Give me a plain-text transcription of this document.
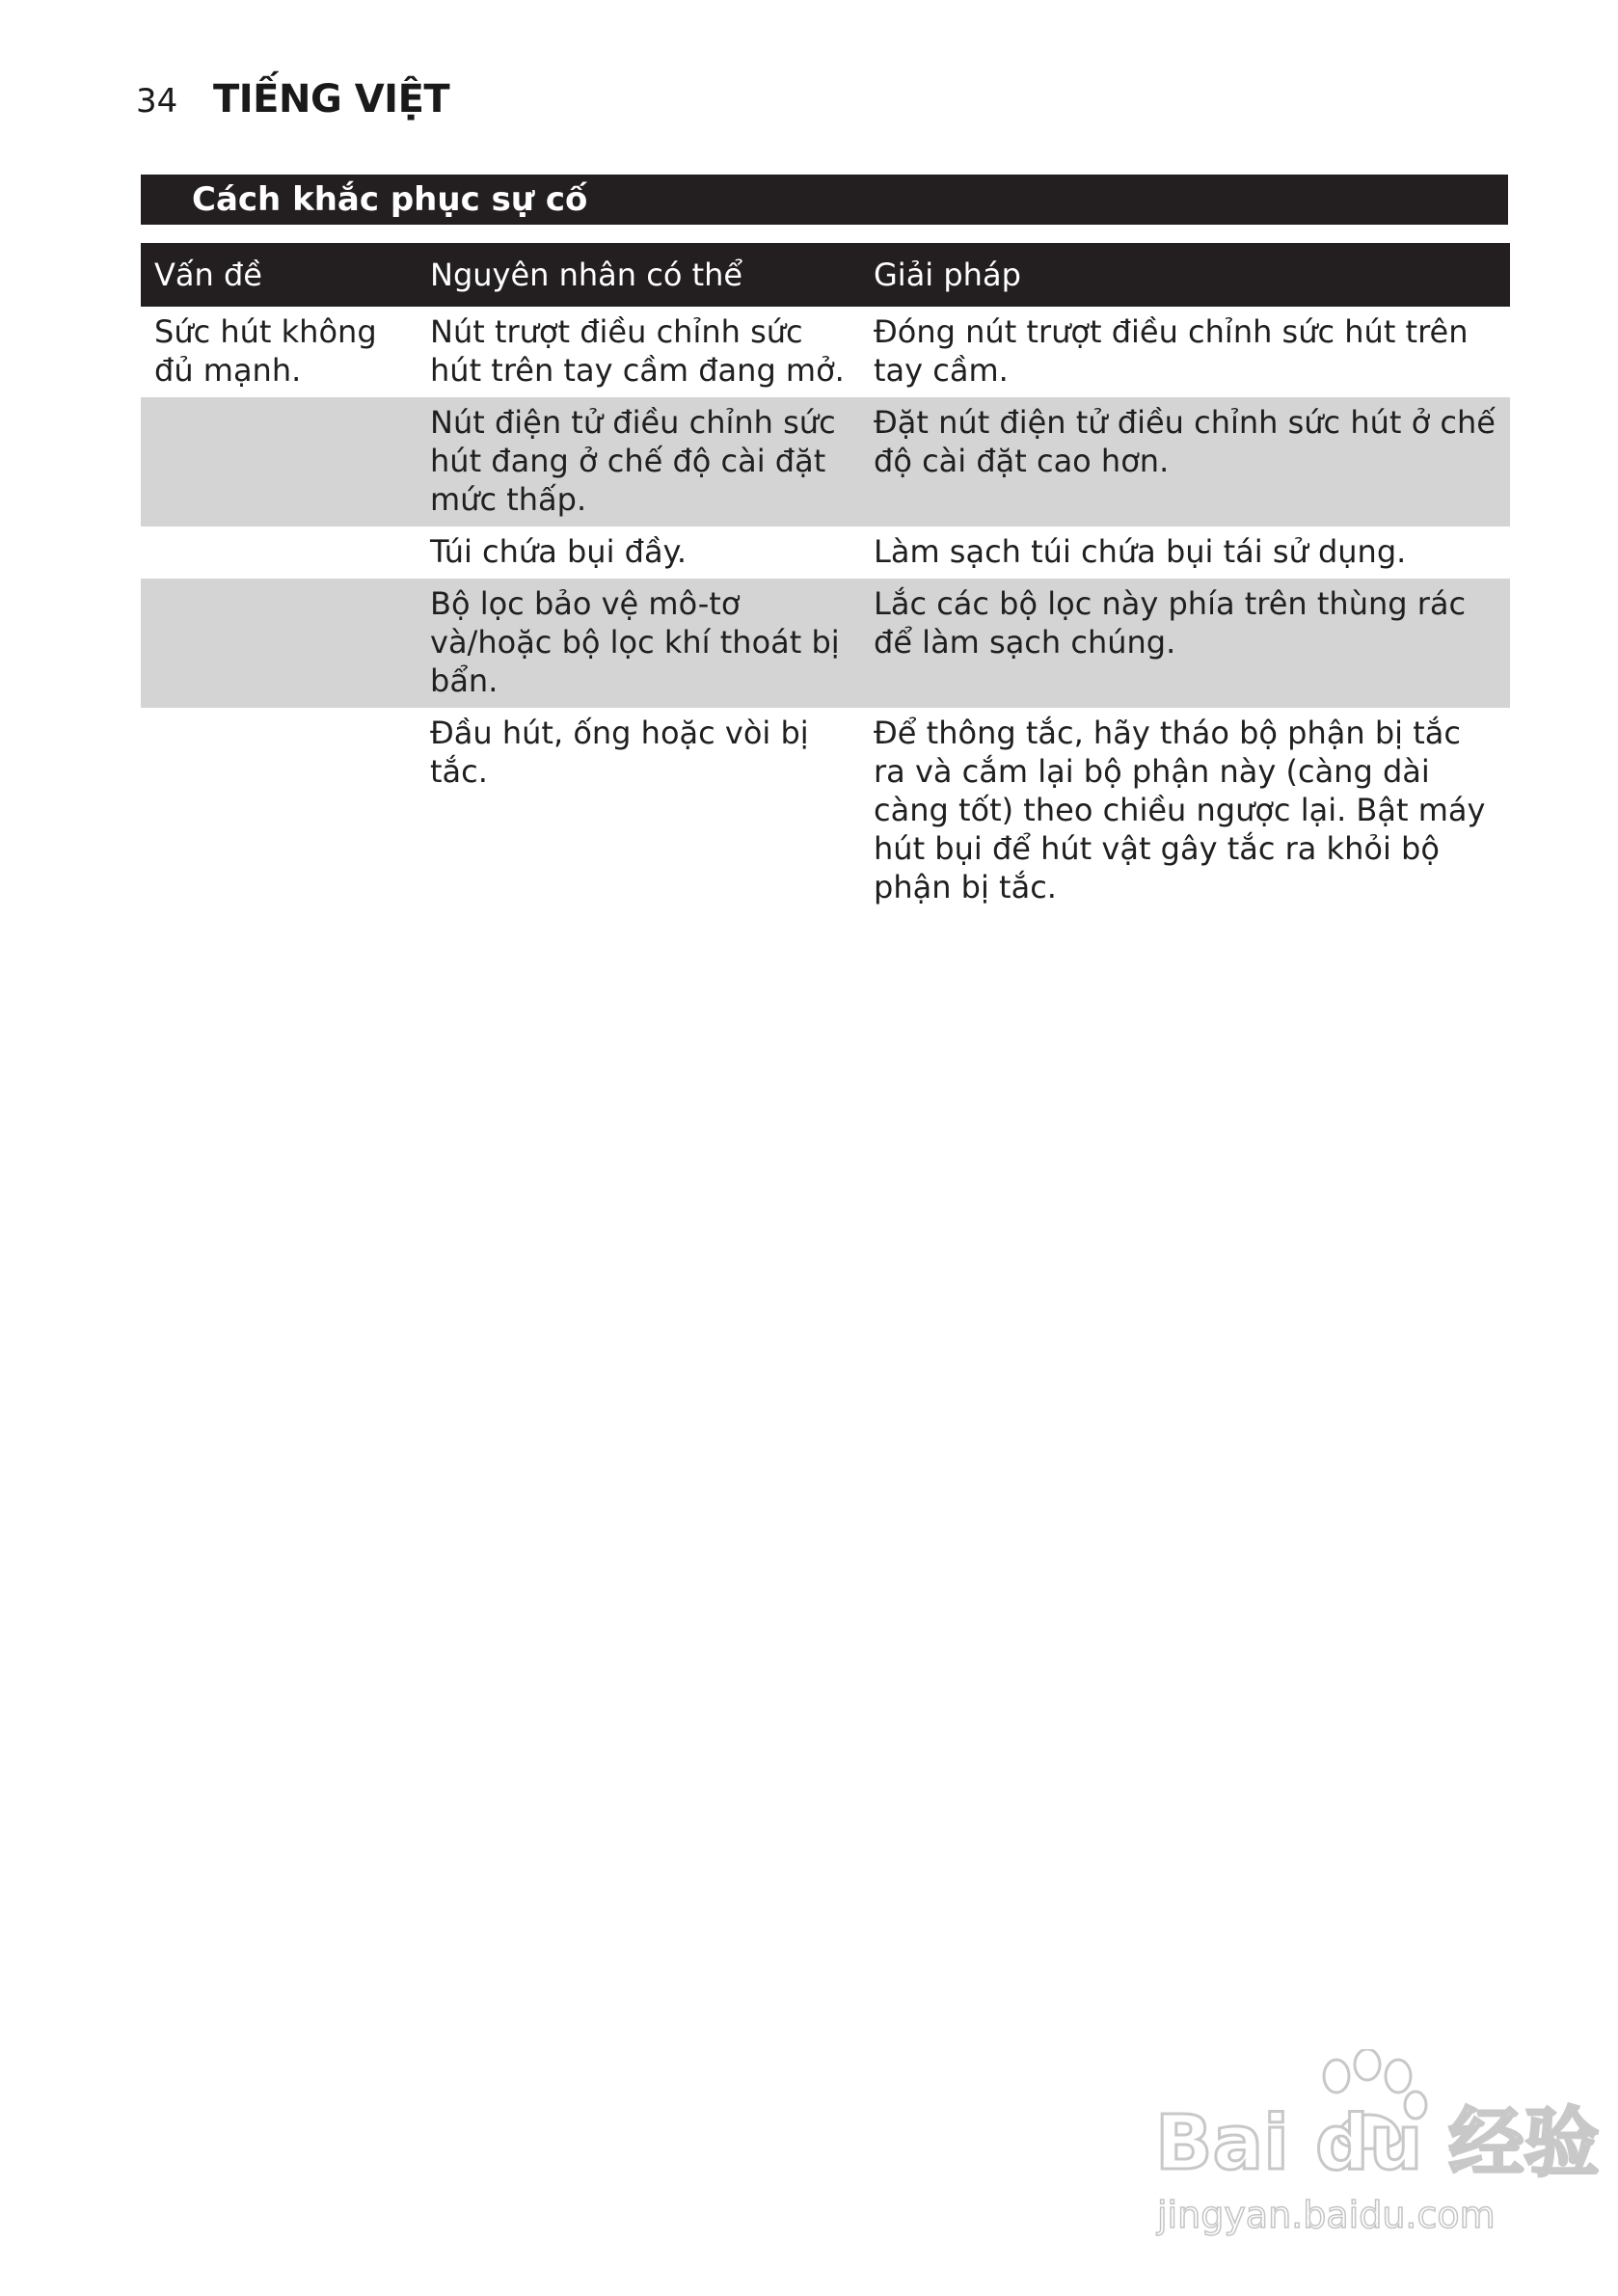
34 TIẾNG VIỆT
Cách khắc phục sự cố
Vấn đề	Nguyên nhân có thể	Giải pháp
Sức hút không đủ mạnh.	Nút trượt điều chỉnh sức hút trên tay cầm đang mở.	Đóng nút trượt điều chỉnh sức hút trên tay cầm.
	Nút điện tử điều chỉnh sức hút đang ở chế độ cài đặt mức thấp.	Đặt nút điện tử điều chỉnh sức hút ở chế độ cài đặt cao hơn.
	Túi chứa bụi đầy.	Làm sạch túi chứa bụi tái sử dụng.
	Bộ lọc bảo vệ mô-tơ và/hoặc bộ lọc khí thoát bị bẩn.	Lắc các bộ lọc này phía trên thùng rác để làm sạch chúng.
	Đầu hút, ống hoặc vòi bị tắc.	Để thông tắc, hãy tháo bộ phận bị tắc ra và cắm lại bộ phận này (càng dài càng tốt) theo chiều ngược lại. Bật máy hút bụi để hút vật gây tắc ra khỏi bộ phận bị tắc.
Bai du 经验
jingyan.baidu.com
